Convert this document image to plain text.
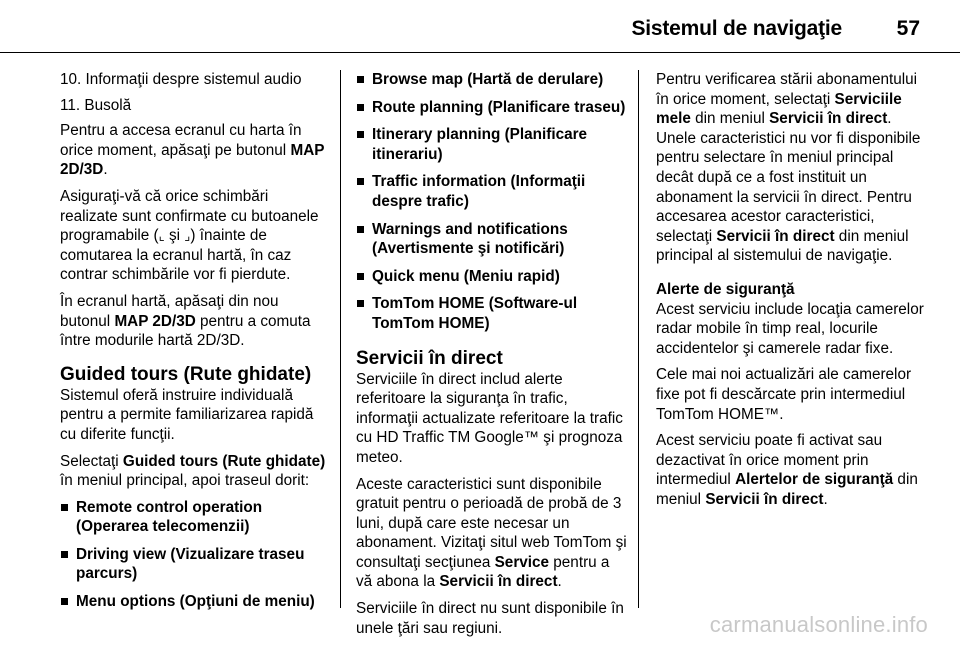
Sistemul de navigaţie	57
10. Informaţii despre sistemul audio
11. Busolă

Pentru a accesa ecranul cu harta în orice moment, apăsaţi pe butonul MAP 2D/3D.

Asiguraţi-vă că orice schimbări realizate sunt confirmate cu butoanele programabile (⌞ şi ⌟) înainte de comutarea la ecranul hartă, în caz contrar schimbările vor fi pierdute.

În ecranul hartă, apăsaţi din nou butonul MAP 2D/3D pentru a comuta între modurile hartă 2D/3D.

Guided tours (Rute ghidate)

Sistemul oferă instruire individuală pentru a permite familiarizarea rapidă cu diferite funcţii.

Selectaţi Guided tours (Rute ghidate) în meniul principal, apoi traseul dorit:

Remote control operation (Operarea telecomenzii)
Driving view (Vizualizare traseu parcurs)
Menu options (Opţiuni de meniu)
Browse map (Hartă de derulare)
Route planning (Planificare traseu)
Itinerary planning (Planificare itinerariu)
Traffic information (Informaţii despre trafic)
Warnings and notifications (Avertismente şi notificări)
Quick menu (Meniu rapid)
TomTom HOME (Software-ul TomTom HOME)
Servicii în direct

Serviciile în direct includ alerte referitoare la siguranţa în trafic, informaţii actualizate referitoare la trafic cu HD Traffic TM Google™ şi prognoza meteo.

Aceste caracteristici sunt disponibile gratuit pentru o perioadă de probă de 3 luni, după care este necesar un abonament. Vizitaţi situl web TomTom şi consultaţi secţiunea Service pentru a vă abona la Servicii în direct.

Serviciile în direct nu sunt disponibile în unele ţări sau regiuni.

Pentru verificarea stării abonamentului în orice moment, selectaţi Serviciile mele din meniul Servicii în direct. Unele caracteristici nu vor fi disponibile pentru selectare în meniul principal decât după ce a fost instituit un abonament la servicii în direct. Pentru accesarea acestor caracteristici, selectaţi Servicii în direct din meniul principal al sistemului de navigaţie.

Alerte de siguranţă

Acest serviciu include locaţia camerelor radar mobile în timp real, locurile accidentelor şi camerele radar fixe.

Cele mai noi actualizări ale camerelor fixe pot fi descărcate prin intermediul TomTom HOME™.

Acest serviciu poate fi activat sau dezactivat în orice moment prin intermediul Alertelor de siguranţă din meniul Servicii în direct.

carmanualsonline.info
